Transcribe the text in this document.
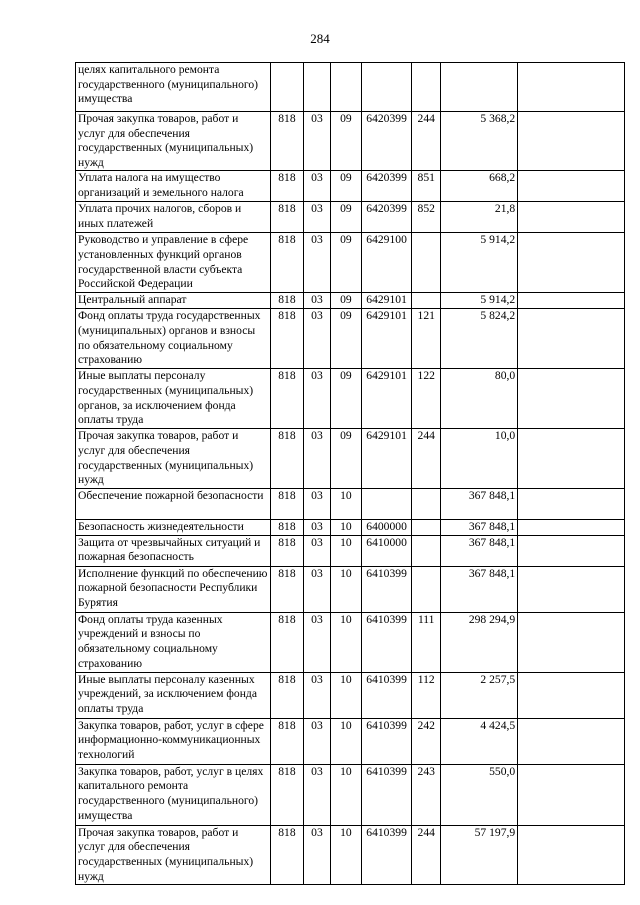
284
целях капитального ремонта государственного (муниципального) имущества							
Прочая закупка товаров, работ и услуг для обеспечения государственных (муниципальных) нужд	818	03	09	6420399	244	5 368,2	
Уплата налога на имущество организаций и земельного налога	818	03	09	6420399	851	668,2	
Уплата прочих налогов, сборов и иных платежей	818	03	09	6420399	852	21,8	
Руководство и управление в сфере установленных функций органов государственной власти субъекта Российской Федерации	818	03	09	6429100		5 914,2	
Центральный аппарат	818	03	09	6429101		5 914,2	
Фонд оплаты труда государственных (муниципальных) органов и взносы по обязательному социальному страхованию	818	03	09	6429101	121	5 824,2	
Иные выплаты персоналу государственных (муниципальных) органов, за исключением фонда оплаты труда	818	03	09	6429101	122	80,0	
Прочая закупка товаров, работ и услуг для обеспечения государственных (муниципальных) нужд	818	03	09	6429101	244	10,0	
Обеспечение пожарной безопасности	818	03	10			367 848,1	
Безопасность жизнедеятельности	818	03	10	6400000		367 848,1	
Защита от чрезвычайных ситуаций и пожарная безопасность	818	03	10	6410000		367 848,1	
Исполнение функций по обеспечению пожарной безопасности Республики Бурятия	818	03	10	6410399		367 848,1	
Фонд оплаты труда казенных учреждений и взносы по обязательному социальному страхованию	818	03	10	6410399	111	298 294,9	
Иные выплаты персоналу казенных учреждений, за исключением фонда оплаты труда	818	03	10	6410399	112	2 257,5	
Закупка товаров, работ, услуг в сфере информационно-коммуникационных технологий	818	03	10	6410399	242	4 424,5	
Закупка товаров, работ, услуг в целях капитального ремонта государственного (муниципального) имущества	818	03	10	6410399	243	550,0	
Прочая закупка товаров, работ и услуг для обеспечения государственных (муниципальных) нужд	818	03	10	6410399	244	57 197,9	
